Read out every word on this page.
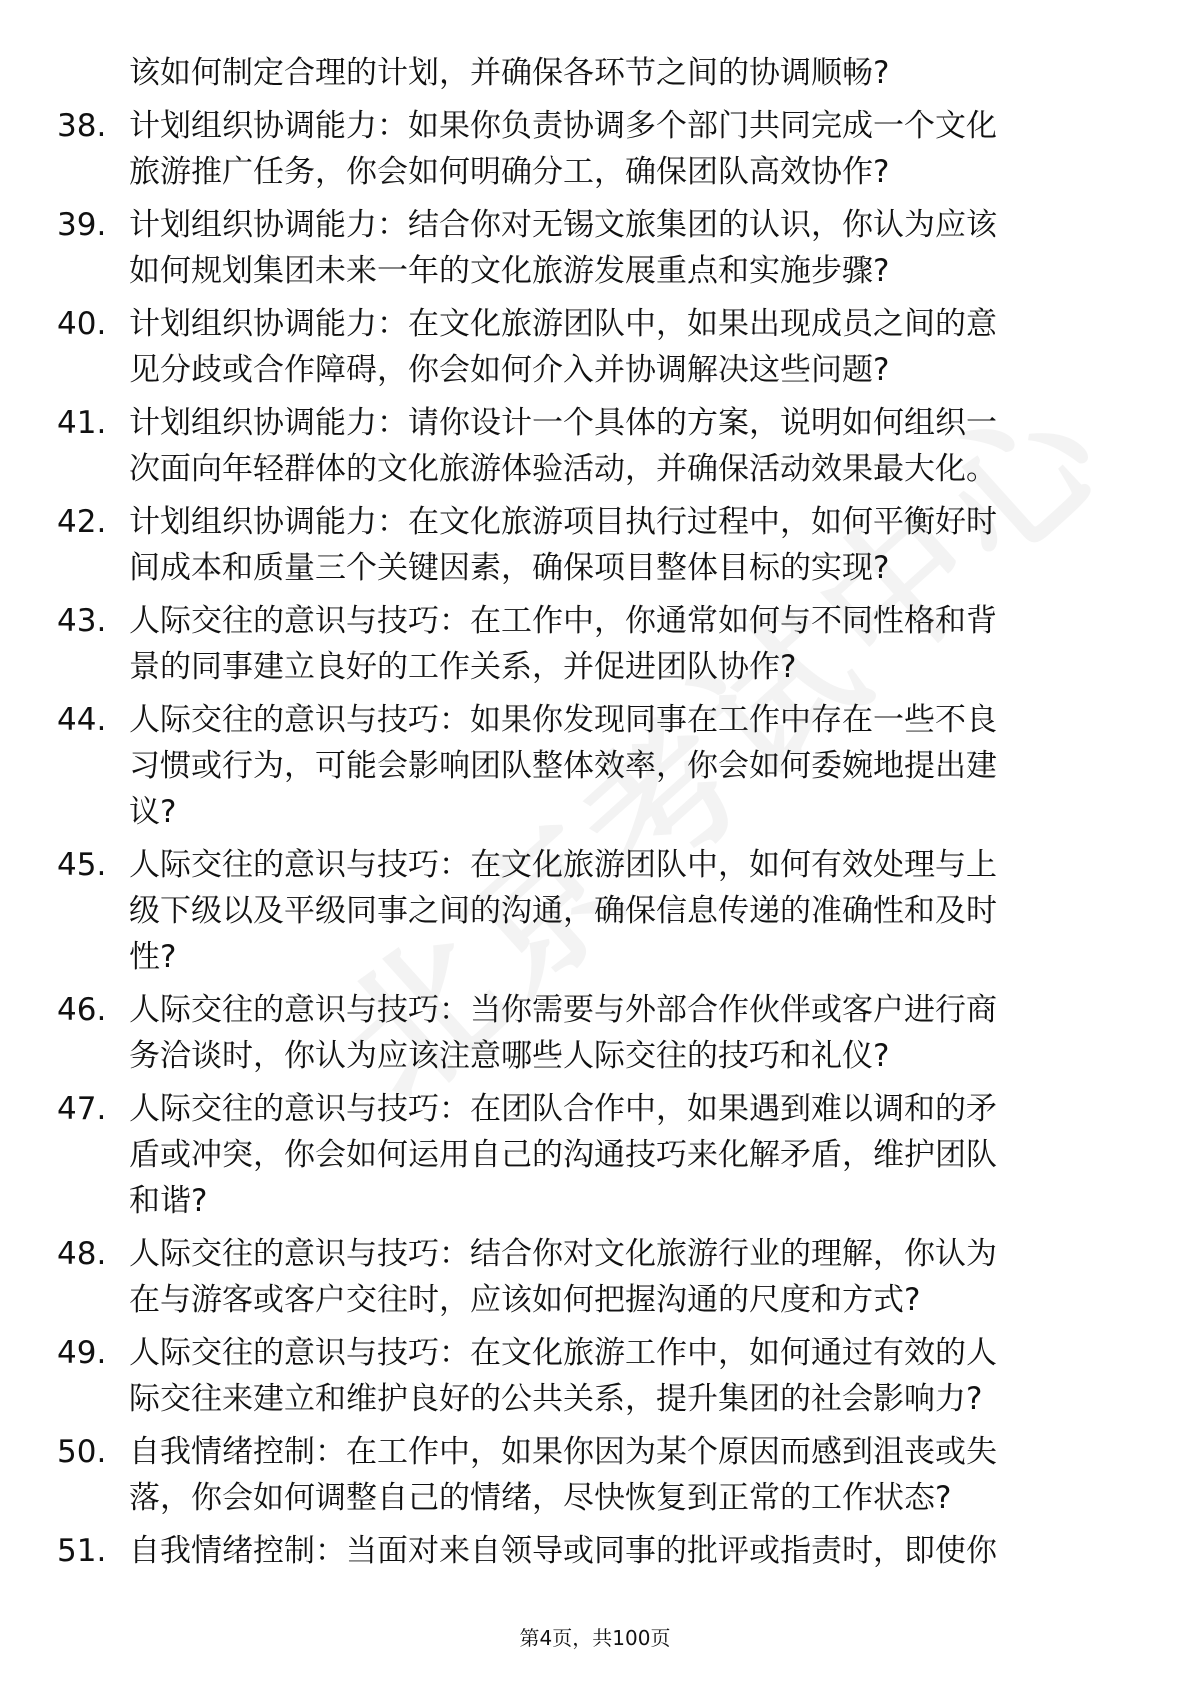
该如何制定合理的计划，并确保各环节之间的协调顺畅?
38. 计划组织协调能力：如果你负责协调多个部门共同完成一个文化
旅游推广任务，你会如何明确分工，确保团队高效协作?
39. 计划组织协调能力：结合你对无锡文旅集团的认识，你认为应该
如何规划集团未来一年的文化旅游发展重点和实施步骤?
40. 计划组织协调能力：在文化旅游团队中，如果出现成员之间的意
见分歧或合作障碍，你会如何介入并协调解决这些问题?
41. 计划组织协调能力：请你设计一个具体的方案，说明如何组织一
次面向年轻群体的文化旅游体验活动，并确保活动效果最大化。
42. 计划组织协调能力：在文化旅游项目执行过程中，如何平衡好时
间成本和质量三个关键因素，确保项目整体目标的实现?
43. 人际交往的意识与技巧：在工作中，你通常如何与不同性格和背
景的同事建立良好的工作关系，并促进团队协作?
44. 人际交往的意识与技巧：如果你发现同事在工作中存在一些不良
习惯或行为，可能会影响团队整体效率，你会如何委婉地提出建
议?
45. 人际交往的意识与技巧：在文化旅游团队中，如何有效处理与上
级下级以及平级同事之间的沟通，确保信息传递的准确性和及时
性?
46. 人际交往的意识与技巧：当你需要与外部合作伙伴或客户进行商
务洽谈时，你认为应该注意哪些人际交往的技巧和礼仪?
47. 人际交往的意识与技巧：在团队合作中，如果遇到难以调和的矛
盾或冲突，你会如何运用自己的沟通技巧来化解矛盾，维护团队
和谐?
48. 人际交往的意识与技巧：结合你对文化旅游行业的理解，你认为
在与游客或客户交往时，应该如何把握沟通的尺度和方式?
49. 人际交往的意识与技巧：在文化旅游工作中，如何通过有效的人
际交往来建立和维护良好的公共关系，提升集团的社会影响力?
50. 自我情绪控制：在工作中，如果你因为某个原因而感到沮丧或失
落，你会如何调整自己的情绪，尽快恢复到正常的工作状态?
51. 自我情绪控制：当面对来自领导或同事的批评或指责时，即使你
第4页，共100页
